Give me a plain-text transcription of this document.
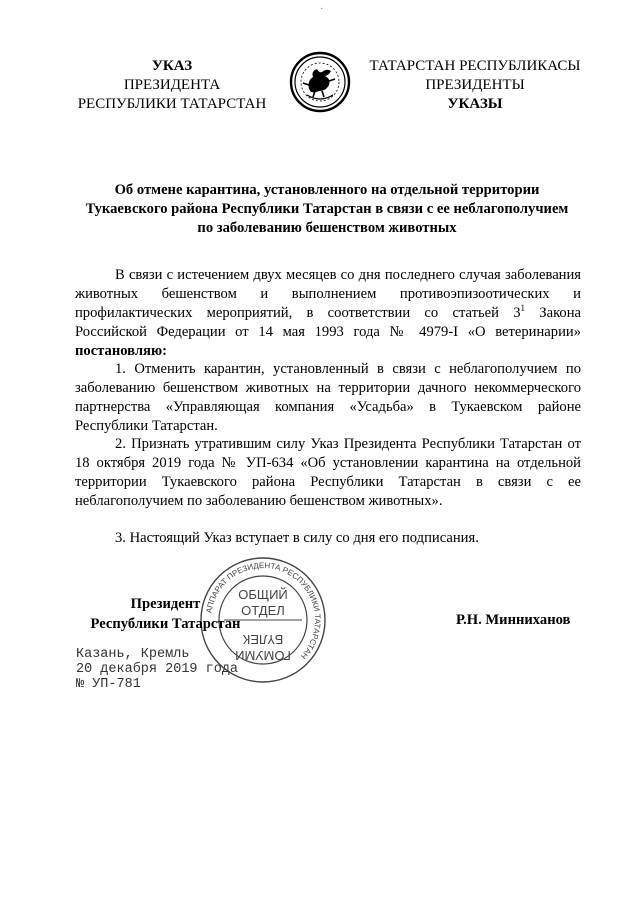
·
УКАЗ
ПРЕЗИДЕНТА
РЕСПУБЛИКИ ТАТАРСТАН
ТАТАРСТАН РЕСПУБЛИКАСЫ
ПРЕЗИДЕНТЫ
УКАЗЫ
Об отмене карантина, установленного на отдельной территории
Тукаевского района Республики Татарстан в связи с ее неблагополучием
по заболеванию бешенством животных
В связи с истечением двух месяцев со дня последнего случая заболевания животных бешенством и выполнением противоэпизоотических и профилактических мероприятий, в соответствии со статьей $3^1$ Закона Российской Федерации от 14 мая 1993 года № 4979-I «О ветеринарии» постановляю:
1. Отменить карантин, установленный в связи с неблагополучием по заболеванию бешенством животных на территории дачного некоммерческого партнерства «Управляющая компания «Усадьба» в Тукаевском районе Республики Татарстан.
2. Признать утратившим силу Указ Президента Республики Татарстан от 18 октября 2019 года № УП-634 «Об установлении карантина на отдельной территории Тукаевского района Республики Татарстан в связи с ее неблагополучием по заболеванию бешенством животных».
3. Настоящий Указ вступает в силу со дня его подписания.
АППАРАТ ПРЕЗИДЕНТА РЕСПУБЛИКИ ТАТАРСТАН
ОБЩИЙ
ОТДЕЛ
БҮЛЕК
ГОМУМИ
Президент
Республики Татарстан	Р.Н. Минниханов
Казань, Кремль
20 декабря 2019 года
№ УП-781
